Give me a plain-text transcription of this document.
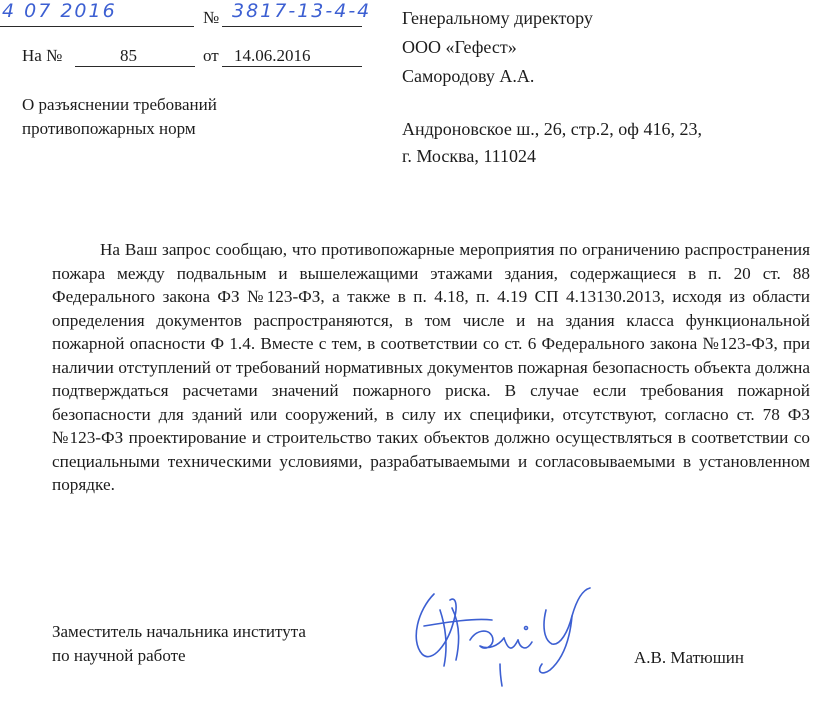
4 07 2016	№ 3817-13-4-4
На №	85	от 14.06.2016
О разъяснении требований
противопожарных норм
Генеральному директору
ООО «Гефест»
Самородову А.А.
Андроновское ш., 26, стр.2, оф 416, 23,
г. Москва, 111024

На Ваш запрос сообщаю, что противопожарные мероприятия по ограничению распространения пожара между подвальным и вышележащими этажами здания, содержащиеся в п. 20 ст. 88 Федерального закона ФЗ №123-ФЗ, а также в п. 4.18, п. 4.19 СП 4.13130.2013, исходя из области определения документов распространяются, в том числе и на здания класса функциональной пожарной опасности Ф 1.4. Вместе с тем, в соответствии со ст. 6 Федерального закона №123-ФЗ, при наличии отступлений от требований нормативных документов пожарная безопасность объекта должна подтверждаться расчетами значений пожарного риска. В случае если требования пожарной безопасности для зданий или сооружений, в силу их специфики, отсутствуют, согласно ст. 78 ФЗ №123-ФЗ проектирование и строительство таких объектов должно осуществляться в соответствии со специальными техническими условиями, разрабатываемыми и согласовываемыми в установленном порядке.

Заместитель начальника института
по научной работе	А.В. Матюшин
